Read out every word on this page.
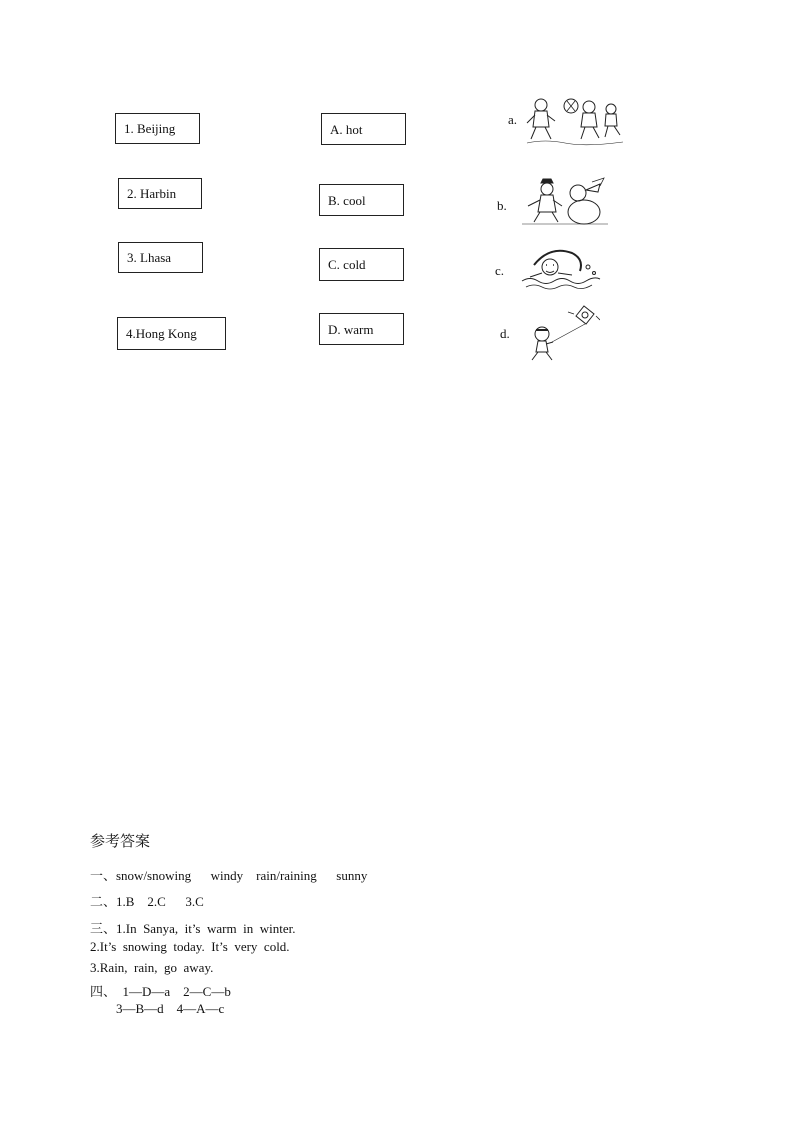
1. Beijing
2. Harbin
3. Lhasa
4.Hong Kong
A. hot
B. cool
C. cold
D. warm
a.
b.
c.
d.
参考答案
一、snow/snowing      windy    rain/raining      sunny
二、1.B    2.C      3.C
三、1.In  Sanya,  it’s  warm  in  winter.
2.It’s  snowing  today.  It’s  very  cold.
3.Rain,  rain,  go  away.
四、  1—D—a    2—C—b
3—B—d    4—A—c
